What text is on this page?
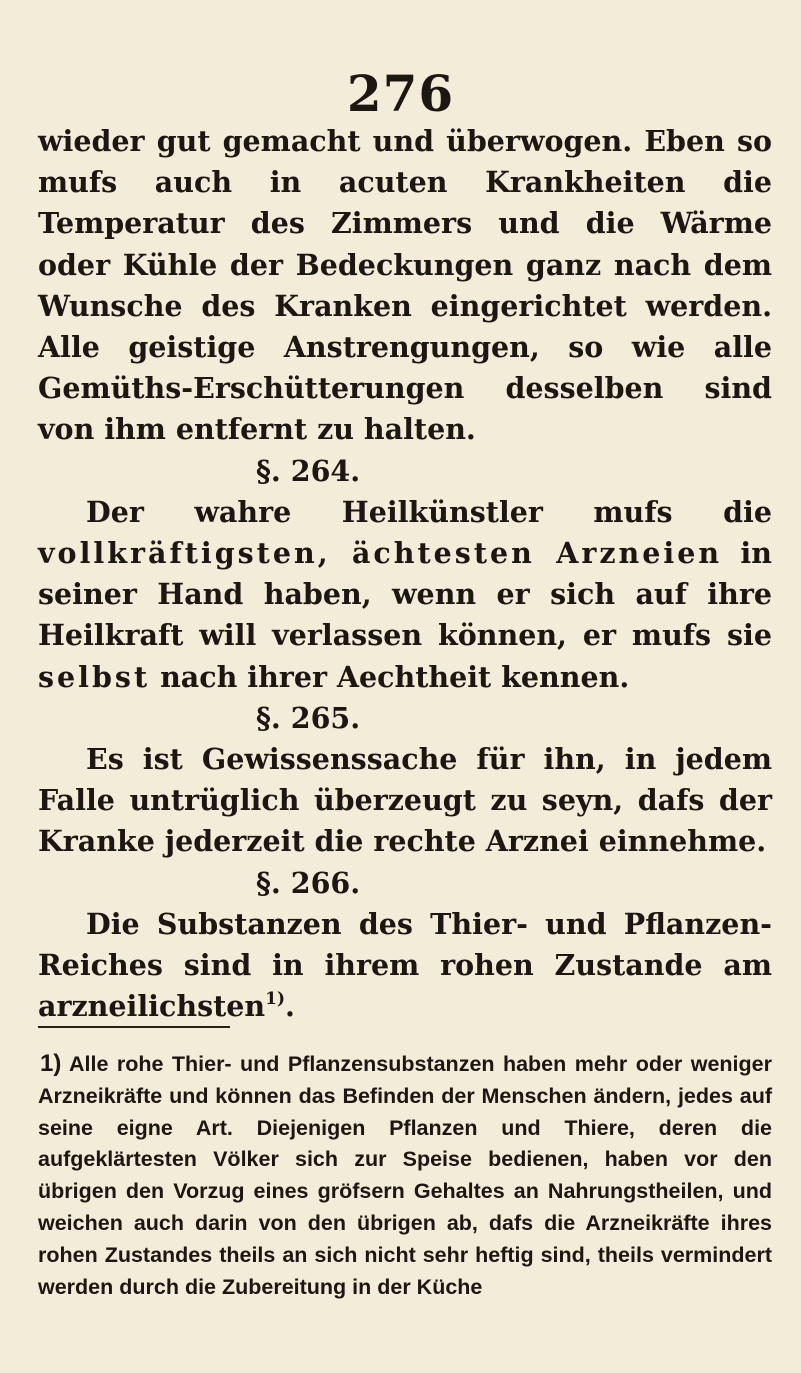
276

wieder gut gemacht und überwogen. Eben so mufs auch in acuten Krankheiten die Temperatur des Zimmers und die Wärme oder Kühle der Bedeckungen ganz nach dem Wunsche des Kranken eingerichtet werden. Alle geistige Anstrengungen, so wie alle Gemüths-Erschütterungen desselben sind von ihm entfernt zu halten.

§. 264.

Der wahre Heilkünstler mufs die vollkräftigsten, ächtesten Arzneien in seiner Hand haben, wenn er sich auf ihre Heilkraft will verlassen können, er mufs sie selbst nach ihrer Aechtheit kennen.

§. 265.

Es ist Gewissenssache für ihn, in jedem Falle untrüglich überzeugt zu seyn, dafs der Kranke jederzeit die rechte Arznei einnehme.

§. 266.

Die Substanzen des Thier- und Pflanzen-Reiches sind in ihrem rohen Zustande am arzneilichsten$^{1)}$.

1) Alle rohe Thier- und Pflanzensubstanzen haben mehr oder weniger Arzneikräfte und können das Befinden der Menschen ändern, jedes auf seine eigne Art. Diejenigen Pflanzen und Thiere, deren die aufgeklärtesten Völker sich zur Speise bedienen, haben vor den übrigen den Vorzug eines gröfsern Gehaltes an Nahrungstheilen, und weichen auch darin von den übrigen ab, dafs die Arzneikräfte ihres rohen Zustandes theils an sich nicht sehr heftig sind, theils vermindert werden durch die Zubereitung in der Küche
